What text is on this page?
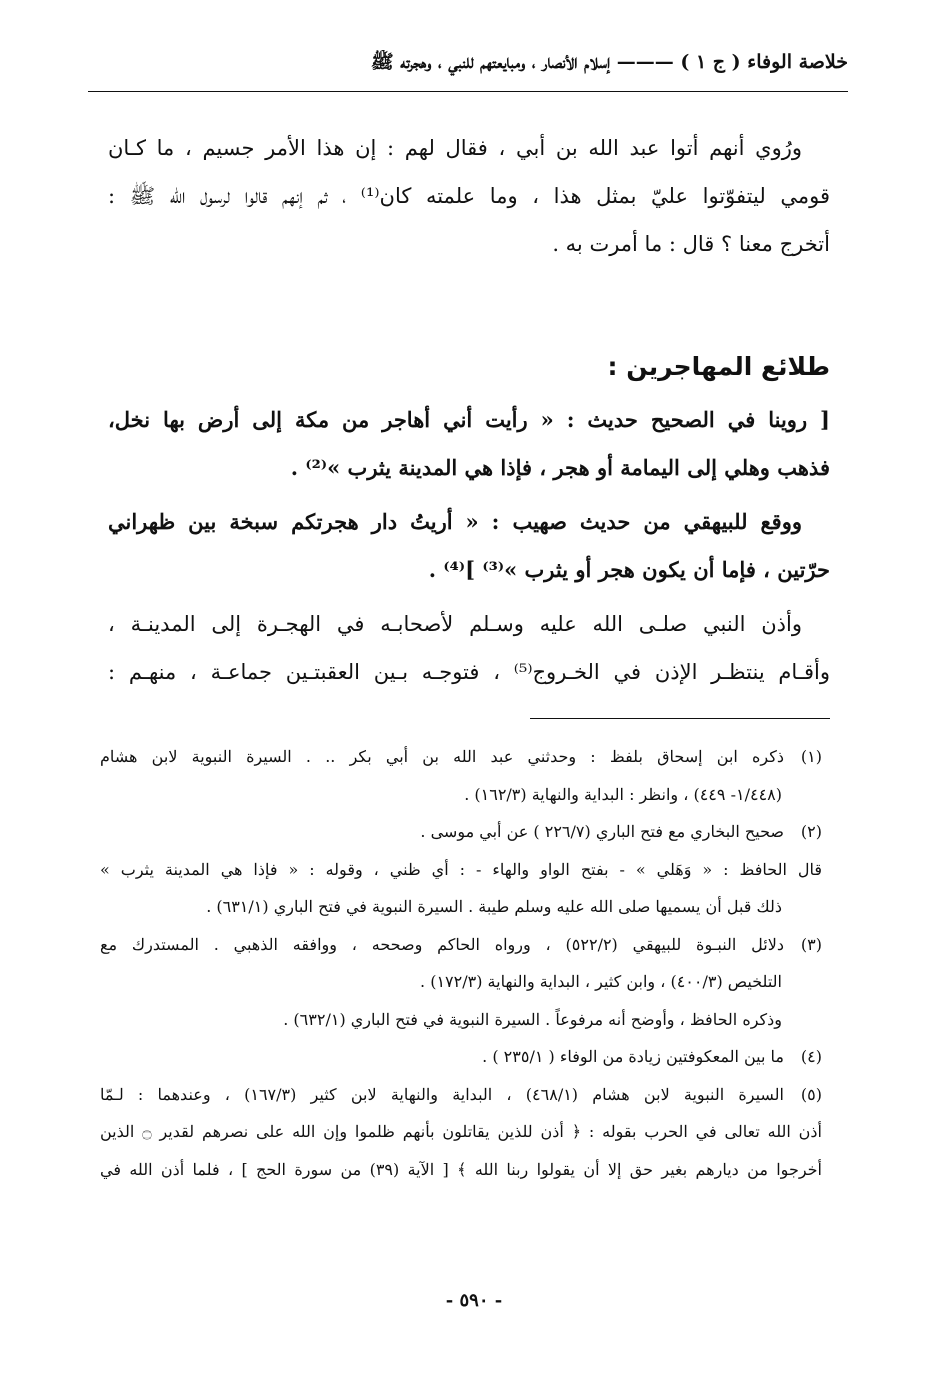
خلاصة الوفاء ( ج ١ ) ——— إسلام الأنصار ، ومبايعتهم للنبي ، وهجرته ﷺ
ورُوي أنهم أتوا عبد الله بن أبي ، فقال لهم : إن هذا الأمر جسيم ، ما كـان
قومي ليتفوّتوا عليّ بمثل هذا ، وما علمته كان⁽¹⁾ ، ثم إنهم قالوا لرسول الله ﷺ :
أتخرج معنا ؟ قال : ما أمرت به .
طلائع المهاجرين :
[ روينا في الصحيح حديث : « رأيت أني أهاجر من مكة إلى أرض بها نخل،
فذهب وهلي إلى اليمامة أو هجر ، فإذا هي المدينة يثرب »⁽²⁾ .
ووقع للبيهقي من حديث صهيب : « أريتُ دار هجرتكم سبخة بين ظهراني
حرّتين ، فإما أن يكون هجر أو يثرب »⁽³⁾ ]⁽⁴⁾ .
وأذن النبي صلـى الله عليه وسـلم لأصحابـه في الهجـرة إلى المدينـة ،
وأقـام ينتظـر الإذن في الخـروج⁽⁵⁾ ، فتوجـه بـين العقبتـين جماعـة ، منهـم :
(١)ذكره ابن إسحاق بلفظ : وحدثني عبد الله بن أبي بكر .. . السيرة النبوية لابن هشام
(١/٤٤٨- ٤٤٩) ، وانظر : البداية والنهاية (١٦٢/٣) .
(٢)صحيح البخاري مع فتح الباري (٢٢٦/٧ ) عن أبي موسى .
قال الحافظ : « وَهَلي » - بفتح الواو والهاء - : أي ظني ، وقوله : « فإذا هي المدينة يثرب »
ذلك قبل أن يسميها صلى الله عليه وسلم طيبة . السيرة النبوية في فتح الباري (٦٣١/١) .
(٣)دلائل النبـوة للبيهقي (٥٢٢/٢) ، ورواه الحاكم وصححه ، ووافقه الذهبي . المستدرك مع
التلخيص (٤٠٠/٣) ، وابن كثير ، البداية والنهاية (١٧٢/٣) .
وذكره الحافظ ، وأوضح أنه مرفوعاً . السيرة النبوية في فتح الباري (٦٣٢/١) .
(٤)ما بين المعكوفتين زيادة من الوفاء ( ٢٣٥/١ ) .
(٥)السيرة النبوية لابن هشام (٤٦٨/١) ، البداية والنهاية لابن كثير (١٦٧/٣) ، وعندهما : لـمّا
أذن الله تعالى في الحرب بقوله : ﴿ أذن للذين يقاتلون بأنهم ظلموا وإن الله على نصرهم لقدير ۝ الذين
أخرجوا من ديارهم بغير حق إلا أن يقولوا ربنا الله ﴾ [ الآية (٣٩) من سورة الحج ] ، فلما أذن الله في
- ٥٩٠ -
